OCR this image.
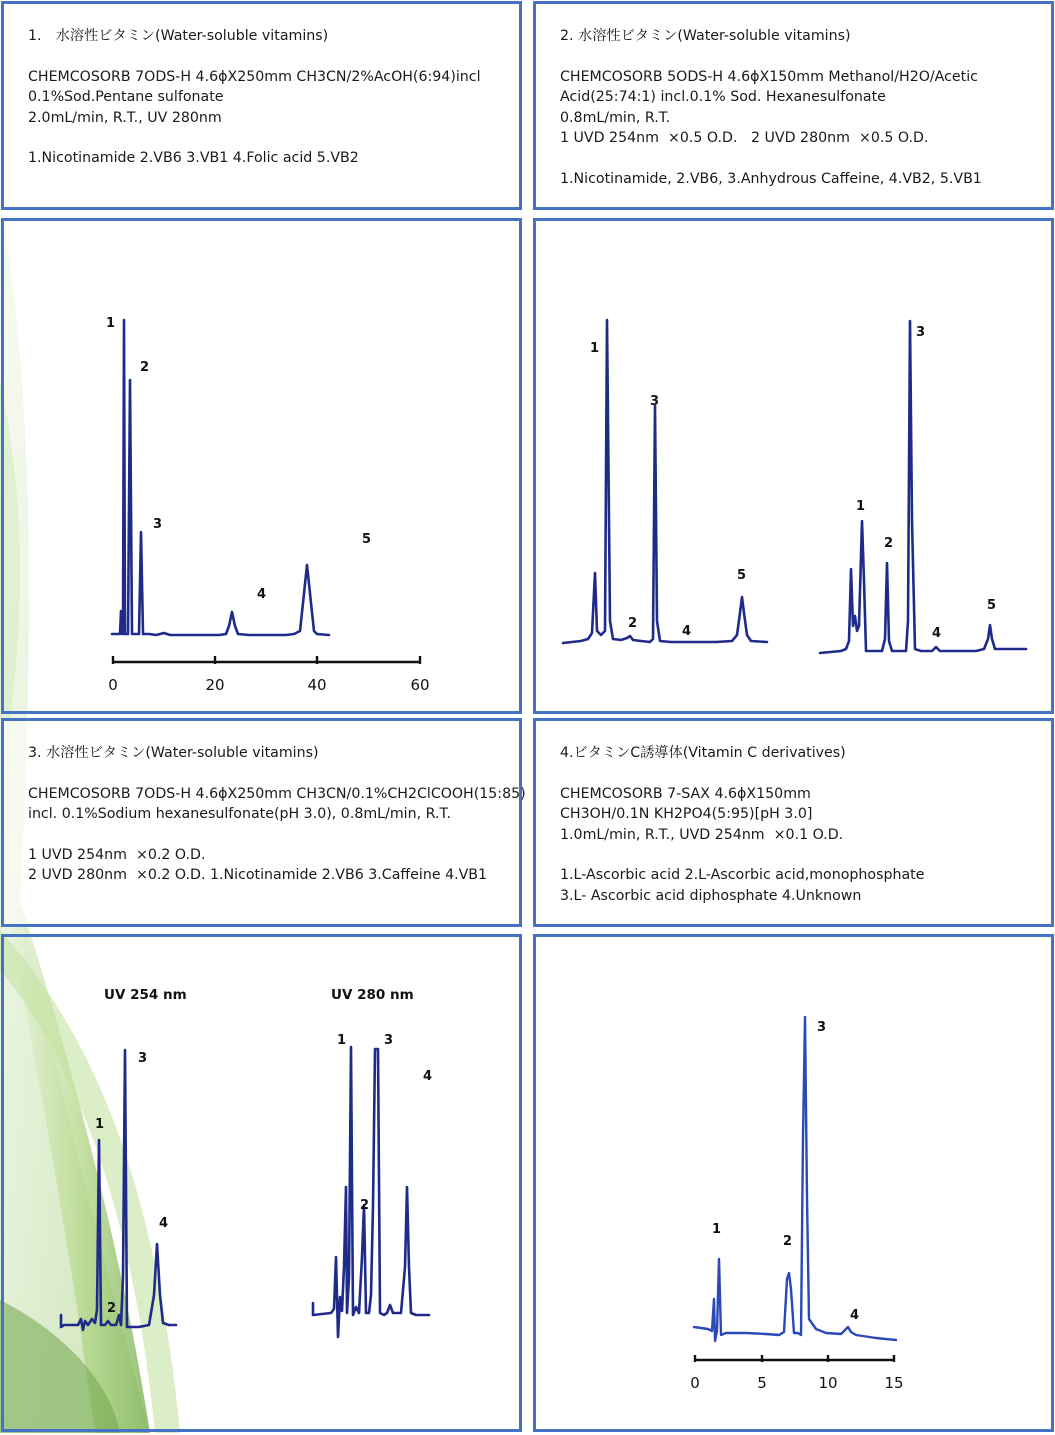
1.　水溶性ビタミン(Water-soluble vitamins)
CHEMCOSORB 7ODS-H 4.6ϕX250mm CH3CN/2%AcOH(6:94)incl
0.1%Sod.Pentane sulfonate
2.0mL/min, R.T., UV 280nm
1.Nicotinamide 2.VB6 3.VB1 4.Folic acid 5.VB2
2. 水溶性ビタミン(Water-soluble vitamins)
CHEMCOSORB 5ODS-H 4.6ϕX150mm Methanol/H2O/Acetic
Acid(25:74:1) incl.0.1% Sod. Hexanesulfonate
0.8mL/min, R.T.
1 UVD 254nm  ×0.5 O.D.   2 UVD 280nm  ×0.5 O.D.
1.Nicotinamide, 2.VB6, 3.Anhydrous Caffeine, 4.VB2, 5.VB1
1
2
3
4
5
0	20	40	60
1
2
3
4
5
1
2
3
4
5
3. 水溶性ビタミン(Water-soluble vitamins)
CHEMCOSORB 7ODS-H 4.6ϕX250mm CH3CN/0.1%CH2ClCOOH(15:85)
incl. 0.1%Sodium hexanesulfonate(pH 3.0), 0.8mL/min, R.T.
1 UVD 254nm  ×0.2 O.D.
2 UVD 280nm  ×0.2 O.D. 1.Nicotinamide 2.VB6 3.Caffeine 4.VB1
4.ビタミンC誘導体(Vitamin C derivatives)
CHEMCOSORB 7-SAX 4.6ϕX150mm
CH3OH/0.1N KH2PO4(5:95)[pH 3.0]
1.0mL/min, R.T., UVD 254nm  ×0.1 O.D.
1.L-Ascorbic acid 2.L-Ascorbic acid,monophosphate
3.L- Ascorbic acid diphosphate 4.Unknown
UV 254 nm	UV 280 nm
1
2
3
4
1
2
3
4
1
2
3
4
0	5	10	15
